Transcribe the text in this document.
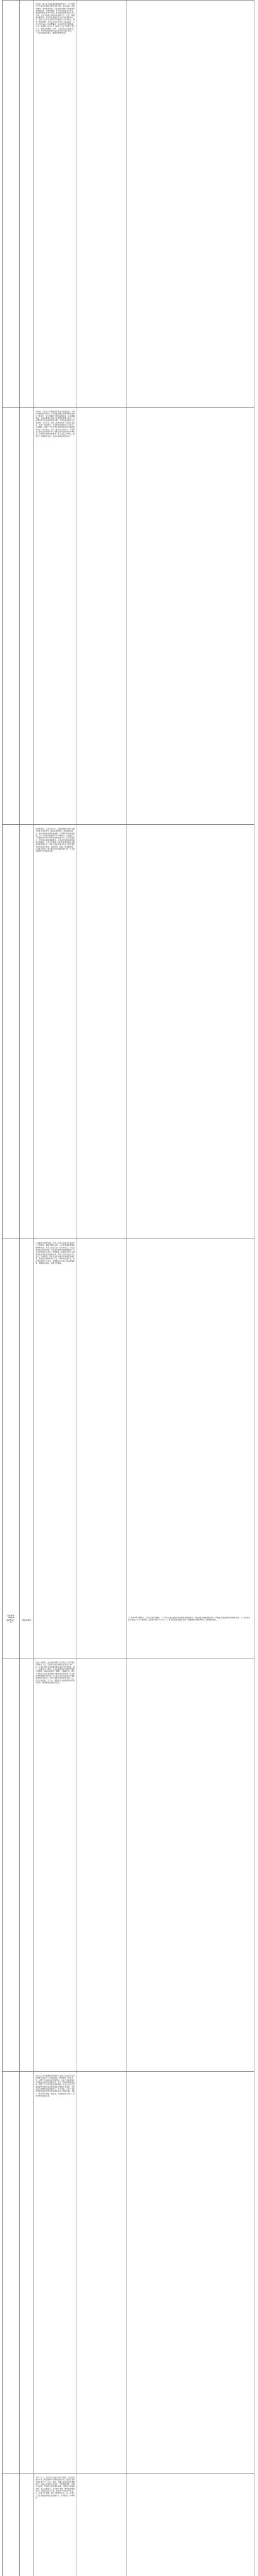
危险废物
（HW08
废矿物油）
等
环境治理类
1．投诉举报问题属实，责令企业立即整改；2．责令企业按照危险废物规范化管理要求，规范设置危险废物暂存间，严格落实危险废物转移联单制度；3．依法对企业环境违法行为立案查处，处罚款人民币XX万元；4．督促企业制定整改方案，明确整改时限和责任人，确保整改到位。
经核查，该企业主要从事机械零部件加工，生产过程中产生的危险废物主要为废矿物油、废乳化液、废包装桶等。现场检查发现，企业危险废物暂存间未按规范设置防渗、防泄漏措施，部分危险废物露天堆放，危险废物标识标签不规范，危险废物管理台账记录不完整。企业未按规定申报危险废物产生、贮存、转移和处置情况，部分危险废物转移未执行转移联单制度。执法人员对企业存在的问题进行了现场取证，调取了相关资料，并对企业负责人进行了调查询问。企业负责人承认上述问题属实，表示将立即开展整改。针对上述问题，执法人员当场责令企业立即停止违法行为，限期完成整改。同时，对企业周边环境进行了排查，未发现危险废物外溢造成环境污染的情况。下一步将持续跟踪督办，确保问题整改到位。
经调查，企业生产车间地面存在油污渗漏痕迹，车间内设备运行过程中产生的废机油通过收集槽收集后暂存于铁桶中，部分铁桶存在锈蚀破损现象，存在泄漏风险。危险废物暂存场所未设置明显的警示标志，未按要求建立危险废物管理计划，未对危险废物进行分类收集、分区贮存。执法人员依法制作了现场检查笔录，拍摄了现场照片，并对相关环境违法行为进行了立案调查。根据《中华人民共和国固体废物污染环境防治法》相关规定，拟对企业作出行政处罚。同时要求企业委托有资质的单位对危险废物进行规范转移处置，完善危险废物管理制度，落实企业主体责任，加强员工环境保护培训，提高环境风险防范意识。
现场检查时，企业正在生产，危险废物暂存间内存放有废矿物油约X吨、废乳化液约X吨、废包装桶约X个，暂存间地面未做防渗处理，未设置导流沟和收集池，门口未张贴危险废物贮存设施标识。企业提供了与有资质单位签订的危险废物处置合同，但未能提供近一年的危险废物转移联单。经查询全国固体废物管理信息系统，企业未在系统中进行危险废物管理计划备案和申报登记。执法人员现场要求企业立即对暂存间进行规范化改造，落实防渗、防腐、防泄漏措施，完善标识标牌，建立健全危险废物管理台账，并在规定期限内完成系统申报。
针对群众反映的问题，执法人员对企业周边区域进行了走访调查。据周边群众反映，企业曾有将废油随意倾倒的情况。执法人员对企业厂区外排水沟、周边空地进行了仔细排查，未发现明显的废油倾倒痕迹。对企业雨水排放口进行了采样监测，监测结果显示石油类指标未超过相关排放标准。执法人员对企业负责人进行了批评教育，要求企业严格遵守环境保护法律法规，规范危险废物收集、贮存、转移和处置行为，杜绝违法倾倒行为发生。同时将该企业纳入重点监管对象，增加检查频次，加强日常监管。
经进一步核实，企业危险废物产生量较大，现有暂存设施容量不足，导致部分危险废物无法及时入库贮存。企业已着手对危险废物暂存间进行扩建改造，预计于近期完成。同时，企业承诺将加快危险废物转移处置频次，确保危险废物不超期、不超量贮存。执法人员要求企业在改造期间采取临时防护措施，防止危险废物泄漏污染环境。对企业存在的未按规定设置危险废物识别标志、未执行转移联单制度等违法行为，依法立案查处。下一步，将加强对企业整改情况的跟踪督导，确保整改措施落实到位。
执法人员对企业整改情况进行了复查。企业已对危险废物暂存间进行了规范化改造，地面铺设了防渗材料，设置了导流沟和应急收集池，张贴了危险废物贮存设施标识和危险废物标签，建立了危险废物管理台账，明确了专人负责危险废物管理。企业已完成全国固体废物管理信息系统危险废物管理计划备案，并对此前未申报的危险废物进行了补充申报。企业已委托有资质的单位对库存危险废物进行了转移处置，并执行了转移联单制度。经复查，企业整改基本到位，后续将持续加强监管。
为举一反三，执法部门以此次投诉为契机，在全区范围内开展了危险废物专项排查整治行动，重点检查涉危险废物产生、贮存、利用、处置企业的规范化管理情况，督促企业落实主体责任，完善管理制度，规范贮存设施，严格执行转移联单制度。对排查中发现的问题，建立问题清单，实行销号管理，确保问题整改到位。同时加大执法力度，对违法行为依法严肃查处，形成有力震慑。通过开展专项行动，进一步提升了全区危险废物规范化管理水平，有效防范了环境风险。
